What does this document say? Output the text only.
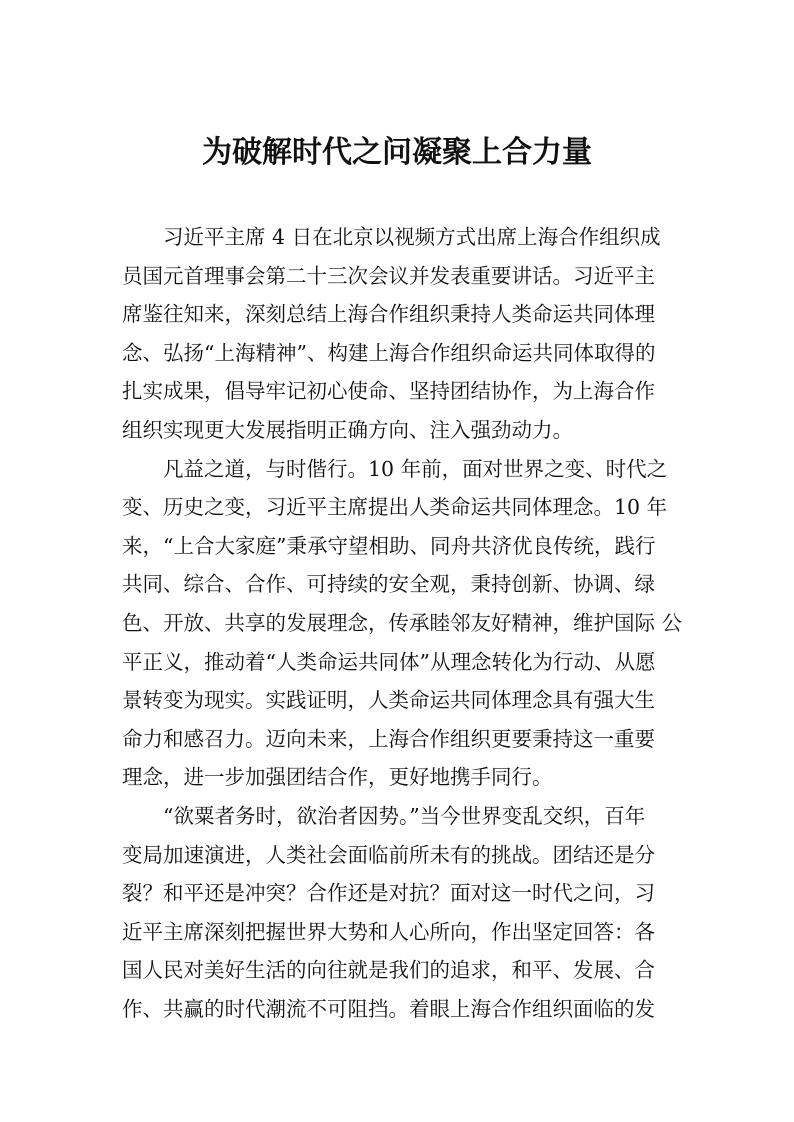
为破解时代之问凝聚上合力量

习近平主席 4 日在北京以视频方式出席上海合作组织成
员国元首理事会第二十三次会议并发表重要讲话。习近平主
席鉴往知来，深刻总结上海合作组织秉持人类命运共同体理
念、弘扬“上海精神”、构建上海合作组织命运共同体取得的
扎实成果，倡导牢记初心使命、坚持团结协作，为上海合作
组织实现更大发展指明正确方向、注入强劲动力。

凡益之道，与时偕行。10 年前，面对世界之变、时代之
变、历史之变，习近平主席提出人类命运共同体理念。10 年
来，“上合大家庭”秉承守望相助、同舟共济优良传统，践行
共同、综合、合作、可持续的安全观，秉持创新、协调、绿
色、开放、共享的发展理念，传承睦邻友好精神，维护国际 公
平正义，推动着“人类命运共同体”从理念转化为行动、从愿
景转变为现实。实践证明，人类命运共同体理念具有强大生
命力和感召力。迈向未来，上海合作组织更要秉持这一重要
理念，进一步加强团结合作，更好地携手同行。

“欲粟者务时，欲治者因势。”当今世界变乱交织，百年
变局加速演进，人类社会面临前所未有的挑战。团结还是分
裂？和平还是冲突？合作还是对抗？面对这一时代之问，习
近平主席深刻把握世界大势和人心所向，作出坚定回答：各
国人民对美好生活的向往就是我们的追求，和平、发展、合
作、共赢的时代潮流不可阻挡。着眼上海合作组织面临的发
